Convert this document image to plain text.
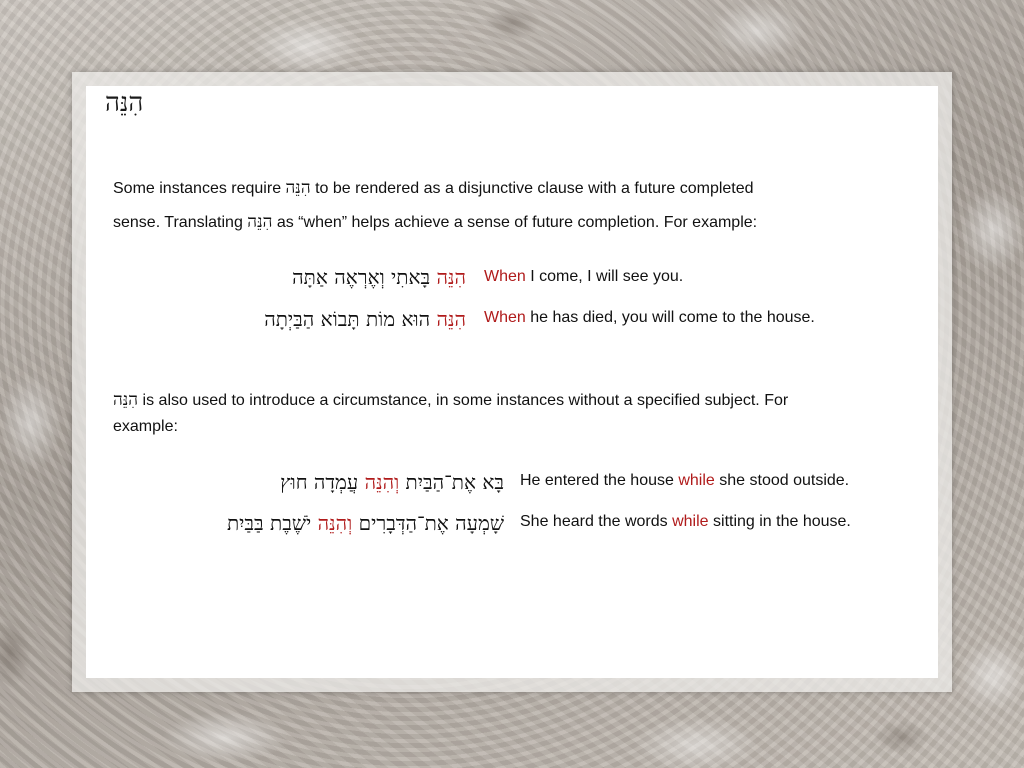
הִנֵּה
Some instances require הִנֵּה to be rendered as a disjunctive clause with a future completed
sense. Translating הִנֵּה as “when” helps achieve a sense of future completion. For example:
הִנֵּה בָּאתִי וְאֶרְאֶה אַתָּה	When I come, I will see you.
הִנֵּה הוּא מוֹת תָּבוֹא הַבַּיְתָה	When he has died, you will come to the house.
הִנֵּה is also used to introduce a circumstance, in some instances without a specified subject. For
example:
בָּא אֶת־הַבַּיִת וְהִנֵּה עֲמְדָה חוּץ	He entered the house while she stood outside.
שָׁמְעָה אֶת־הַדְּבָרִים וְהִנֵּה יֹשֶׁבֶת בַּבַּיִת	She heard the words while sitting in the house.
